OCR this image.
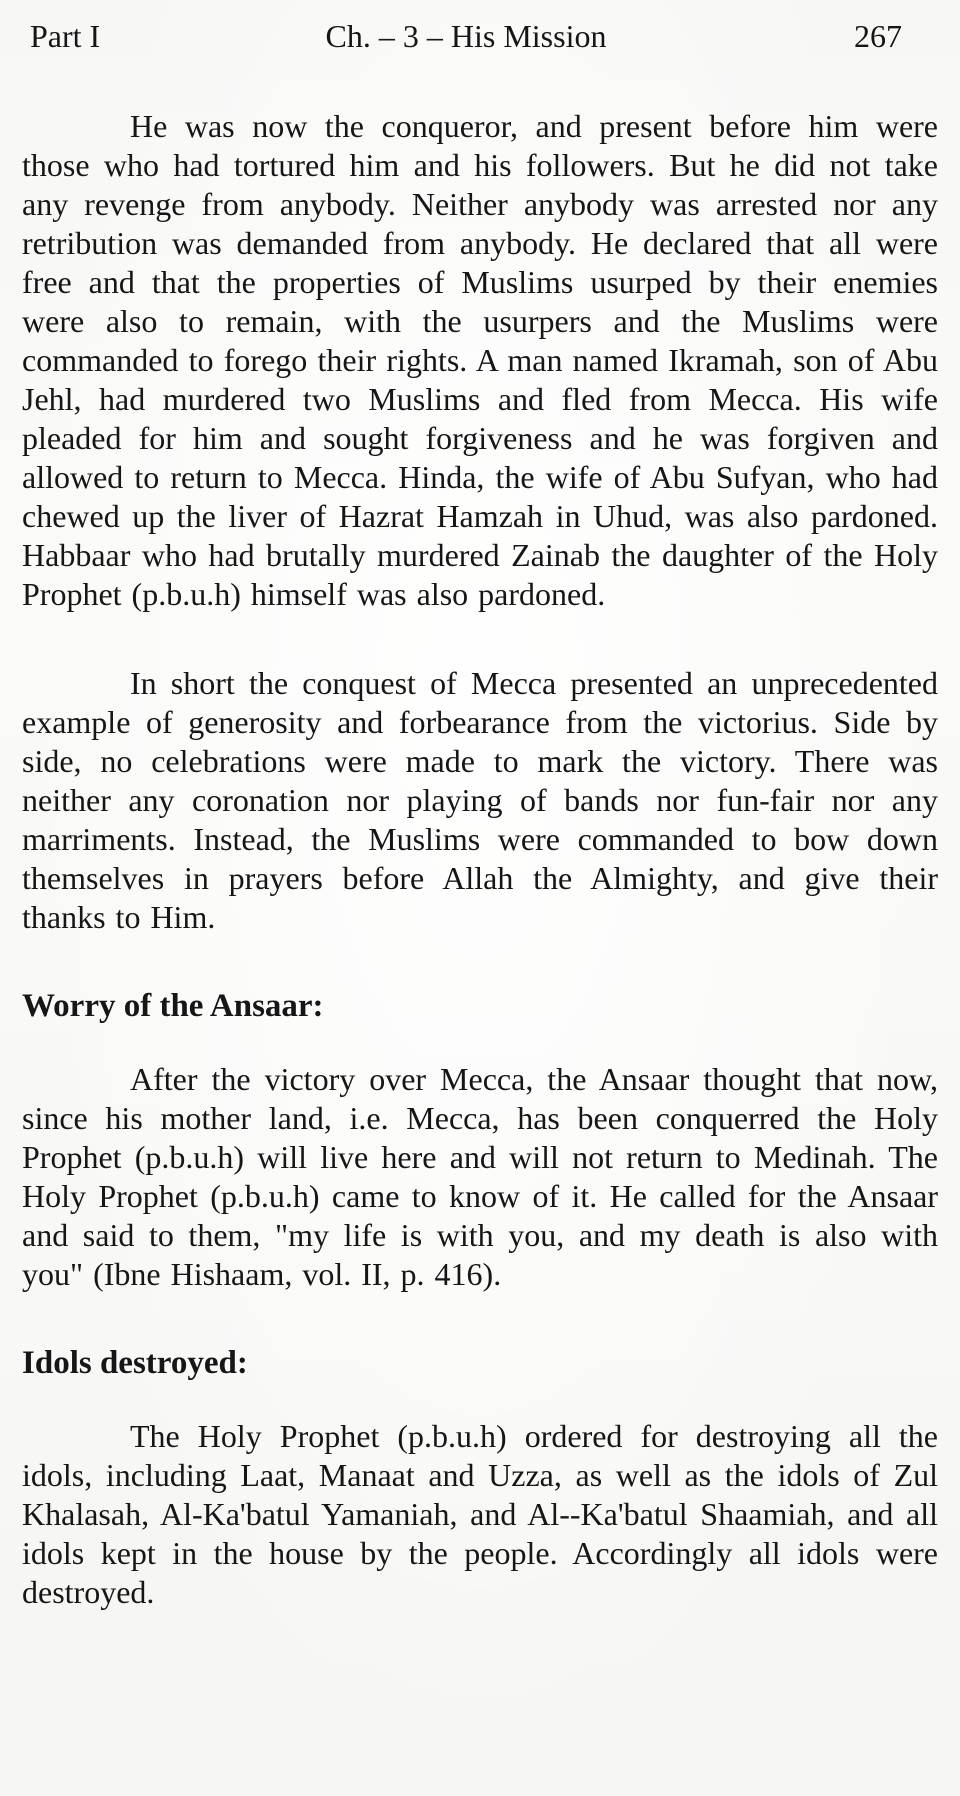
Part I	Ch. – 3 – His Mission	267

He was now the conqueror, and present before him were those who had tortured him and his followers. But he did not take any revenge from anybody. Neither anybody was arrested nor any retribution was demanded from anybody. He declared that all were free and that the properties of Muslims usurped by their enemies were also to remain, with the usurpers and the Muslims were commanded to forego their rights. A man named Ikramah, son of Abu Jehl, had murdered two Muslims and fled from Mecca. His wife pleaded for him and sought forgiveness and he was forgiven and allowed to return to Mecca. Hinda, the wife of Abu Sufyan, who had chewed up the liver of Hazrat Hamzah in Uhud, was also pardoned. Habbaar who had brutally murdered Zainab the daughter of the Holy Prophet (p.b.u.h) himself was also pardoned.

In short the conquest of Mecca presented an unprecedented example of generosity and forbearance from the victorius. Side by side, no celebrations were made to mark the victory. There was neither any coronation nor playing of bands nor fun-fair nor any marriments. Instead, the Muslims were commanded to bow down themselves in prayers before Allah the Almighty, and give their thanks to Him.

Worry of the Ansaar:

After the victory over Mecca, the Ansaar thought that now, since his mother land, i.e. Mecca, has been conquerred the Holy Prophet (p.b.u.h) will live here and will not return to Medinah. The Holy Prophet (p.b.u.h) came to know of it. He called for the Ansaar and said to them, "my life is with you, and my death is also with you" (Ibne Hishaam, vol. II, p. 416).

Idols destroyed:

The Holy Prophet (p.b.u.h) ordered for destroying all the idols, including Laat, Manaat and Uzza, as well as the idols of Zul Khalasah, Al-Ka'batul Yamaniah, and Al--Ka'batul Shaamiah, and all idols kept in the house by the people. Accordingly all idols were destroyed.
